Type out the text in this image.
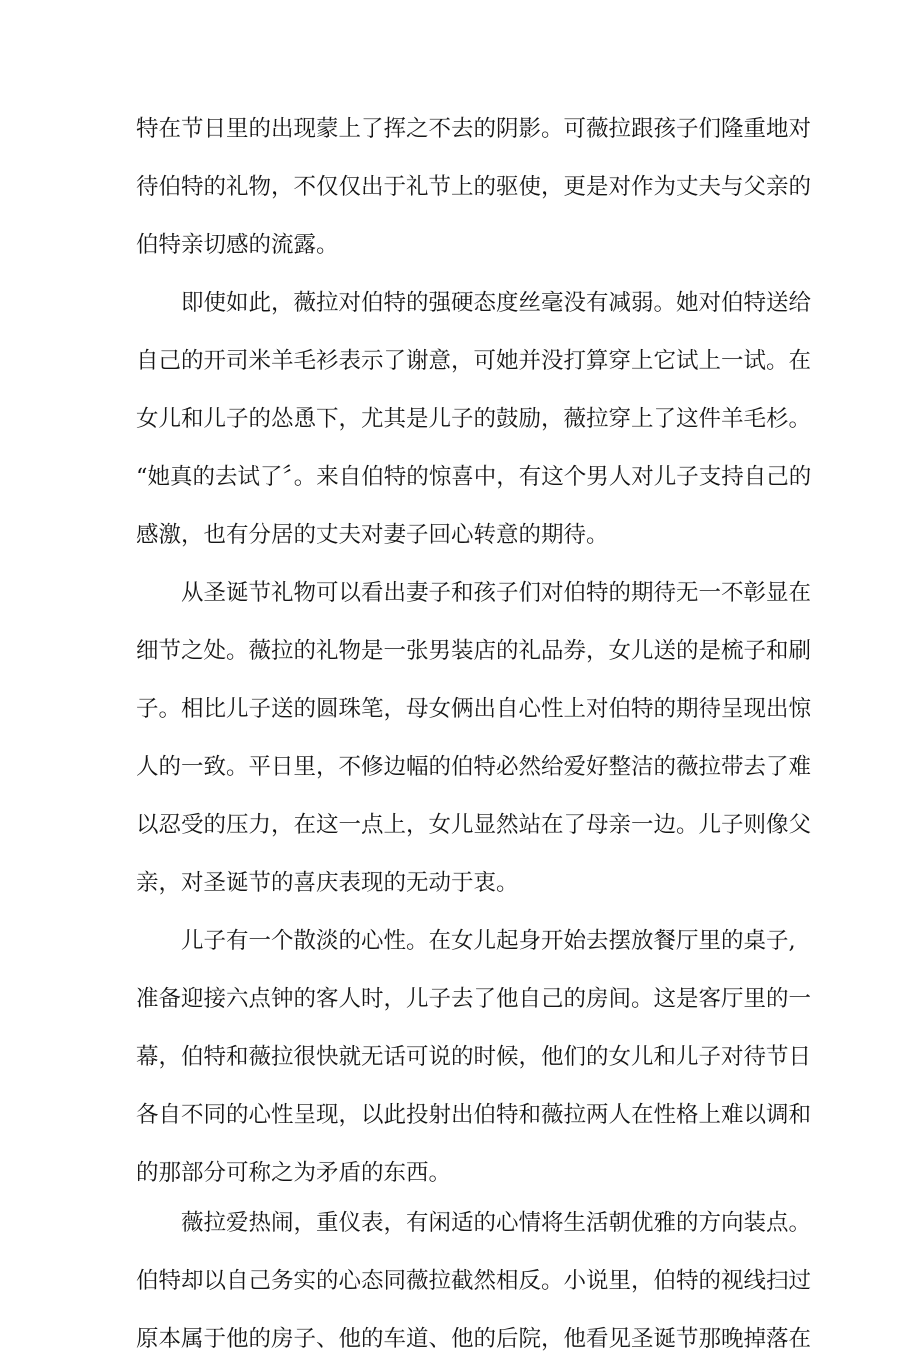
特在节日里的出现蒙上了挥之不去的阴影。可薇拉跟孩子们隆重地对
待伯特的礼物，不仅仅出于礼节上的驱使，更是对作为丈夫与父亲的
伯特亲切感的流露。
　　即使如此，薇拉对伯特的强硬态度丝毫没有减弱。她对伯特送给
自己的开司米羊毛衫表示了谢意，可她并没打算穿上它试上一试。在
女儿和儿子的怂恿下，尤其是儿子的鼓励，薇拉穿上了这件羊毛杉。
“她真的去试了〞。来自伯特的惊喜中，有这个男人对儿子支持自己的
感激，也有分居的丈夫对妻子回心转意的期待。
　　从圣诞节礼物可以看出妻子和孩子们对伯特的期待无一不彰显在
细节之处。薇拉的礼物是一张男装店的礼品券，女儿送的是梳子和刷
子。相比儿子送的圆珠笔，母女俩出自心性上对伯特的期待呈现出惊
人的一致。平日里，不修边幅的伯特必然给爱好整洁的薇拉带去了难
以忍受的压力，在这一点上，女儿显然站在了母亲一边。儿子则像父
亲，对圣诞节的喜庆表现的无动于衷。
　　儿子有一个散淡的心性。在女儿起身开始去摆放餐厅里的桌子,
准备迎接六点钟的客人时，儿子去了他自己的房间。这是客厅里的一
幕，伯特和薇拉很快就无话可说的时候，他们的女儿和儿子对待节日
各自不同的心性呈现，以此投射出伯特和薇拉两人在性格上难以调和
的那部分可称之为矛盾的东西。
　　薇拉爱热闹，重仪表，有闲适的心情将生活朝优雅的方向装点。
伯特却以自己务实的心态同薇拉截然相反。小说里，伯特的视线扫过
原本属于他的房子、他的车道、他的后院，他看见圣诞节那晚掉落在
